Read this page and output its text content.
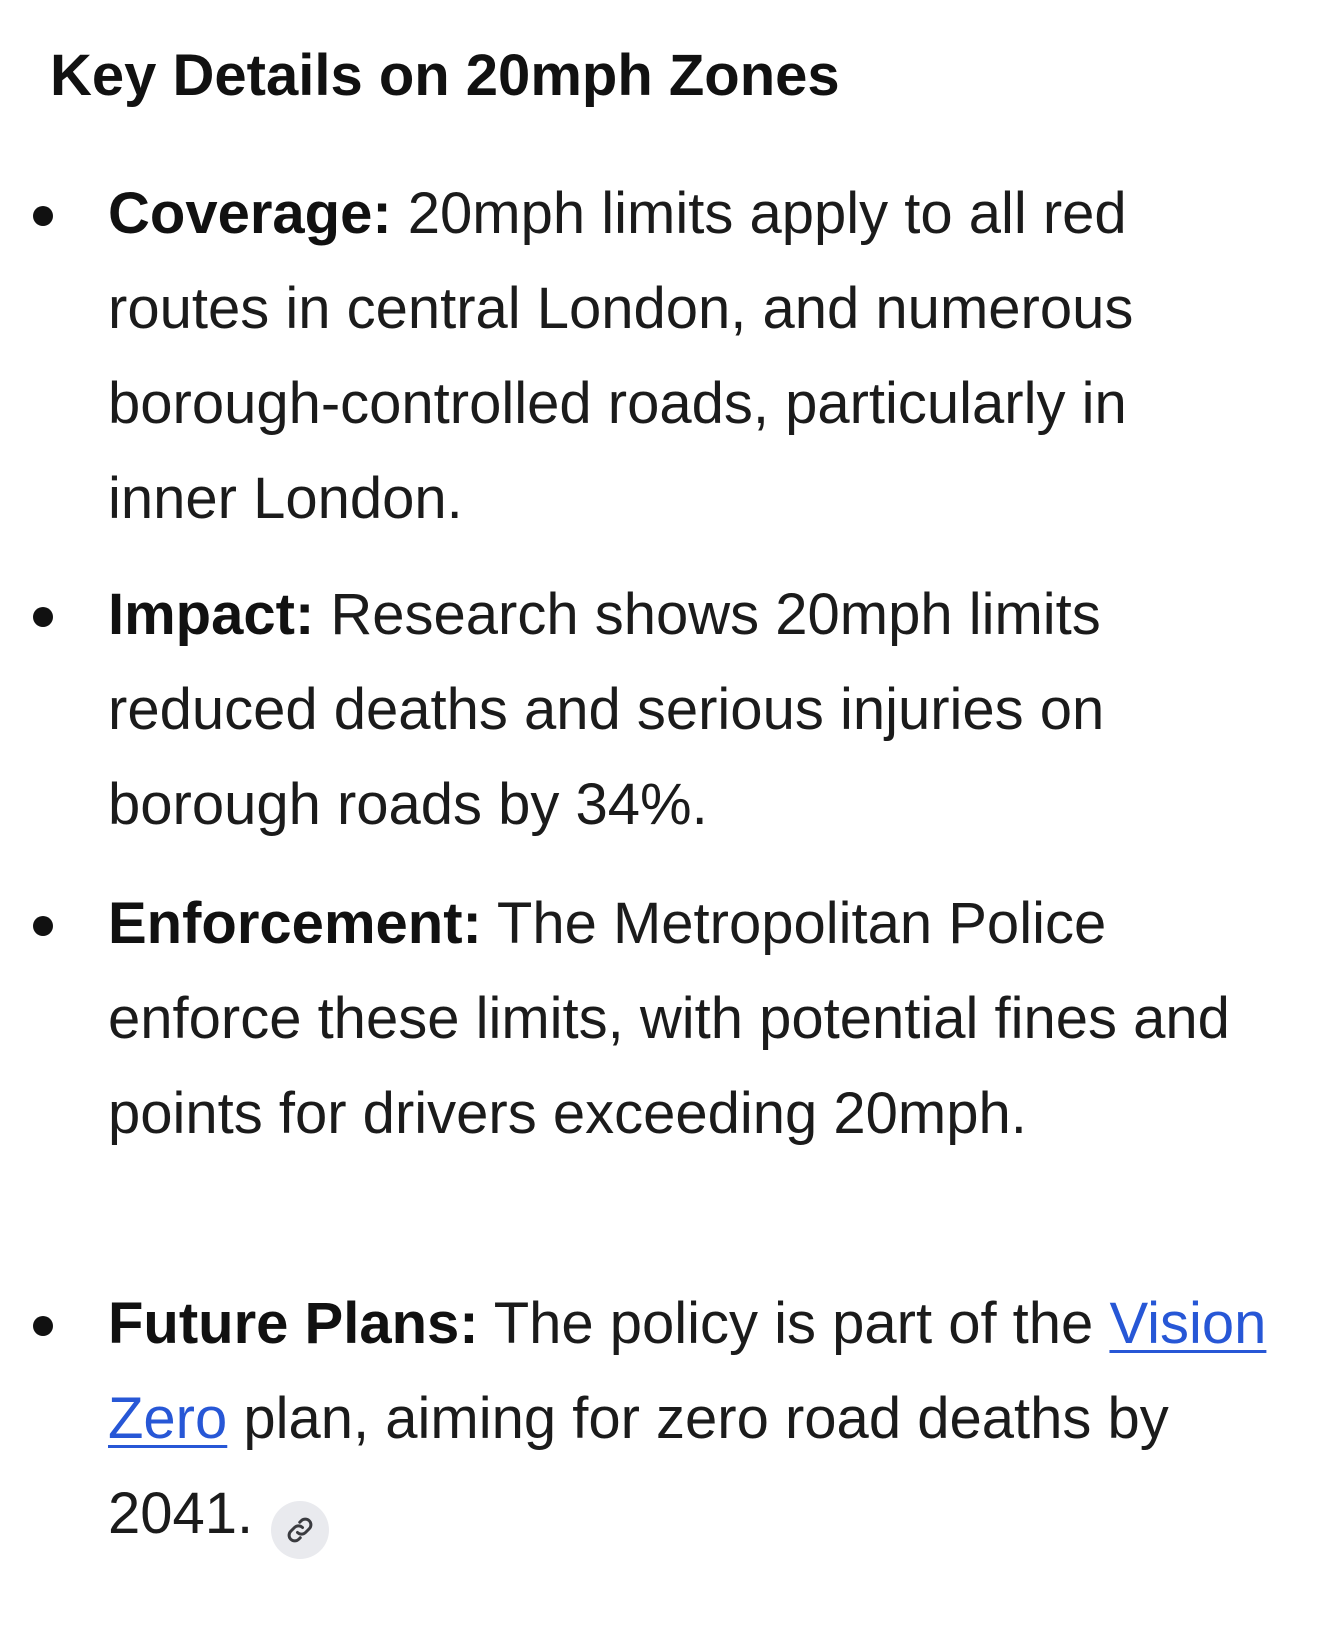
Key Details on 20mph Zones

Coverage: 20mph limits apply to all red routes in central London, and numerous borough-controlled roads, particularly in inner London.

Impact: Research shows 20mph limits reduced deaths and serious injuries on borough roads by 34%.

Enforcement: The Metropolitan Police enforce these limits, with potential fines and points for drivers exceeding 20mph.

Future Plans: The policy is part of the Vision Zero plan, aiming for zero road deaths by 2041.
